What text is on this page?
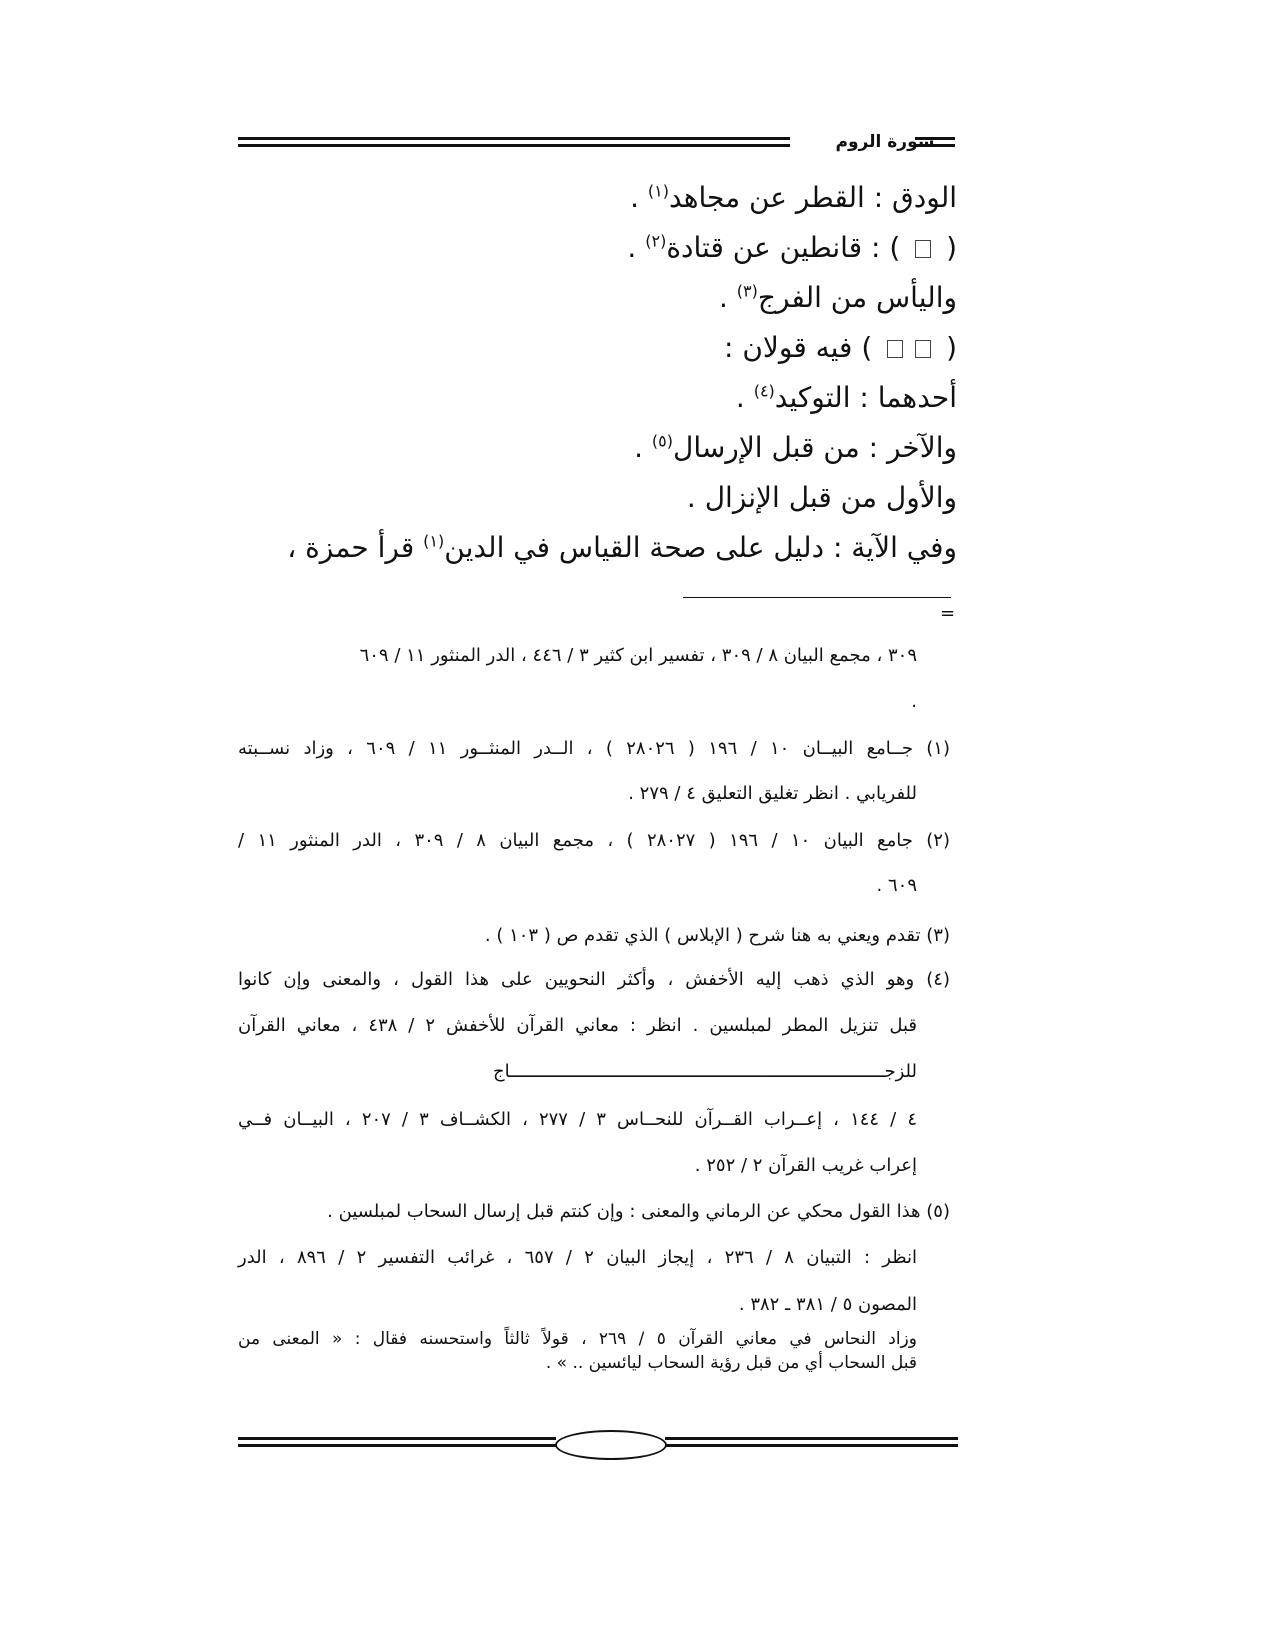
سورة الروم
الودق : القطر عن مجاهد$^{(١)}$ .
(  ) : قانطين عن قتادة$^{(٢)}$ .
واليأس من الفرج$^{(٣)}$ .
(  ) فيه قولان :
أحدهما : التوكيد$^{(٤)}$ .
والآخر : من قبل الإرسال$^{(٥)}$ .
والأول من قبل الإنزال .
وفي الآية : دليل على صحة القياس في الدين$^{(١)}$ قرأ حمزة ،
=
٣٠٩ ، مجمع البيان ٨ / ٣٠٩ ، تفسير ابن كثير ٣ / ٤٤٦ ، الدر المنثور ١١ / ٦٠٩
.
(١) جــامع البيــان ١٠ / ١٩٦ ( ٢٨٠٢٦ ) ، الــدر المنثــور ١١ / ٦٠٩ ، وزاد نســبته
للفريابي . انظر تغليق التعليق ٤ / ٢٧٩ .
(٢) جامع البيان ١٠ / ١٩٦ ( ٢٨٠٢٧ ) ، مجمع البيان ٨ / ٣٠٩ ، الدر المنثور ١١ /
٦٠٩ .
(٣) تقدم ويعني به هنا شرح ( الإبلاس ) الذي تقدم ص ( ١٠٣ ) .
(٤) وهو الذي ذهب إليه الأخفش ، وأكثر النحويين على هذا القول ، والمعنى وإن كانوا
قبل تنزيل المطر لمبلسين . انظر : معاني القرآن للأخفش ٢ / ٤٣٨ ، معاني القرآن
للزجـــــــــــــــــــــــــــــــــــــــــــــــــــــــــــــــــــــــاج
٤ / ١٤٤ ، إعــراب القــرآن للنحــاس ٣ / ٢٧٧ ، الكشــاف ٣ / ٢٠٧ ، البيــان فــي
إعراب غريب القرآن ٢ / ٢٥٢ .
(٥) هذا القول محكي عن الرماني والمعنى : وإن كنتم قبل إرسال السحاب لمبلسين .
انظر : التبيان ٨ / ٢٣٦ ، إيجاز البيان ٢ / ٦٥٧ ، غرائب التفسير ٢ / ٨٩٦ ، الدر
المصون ٥ / ٣٨١ ـ ٣٨٢ .
وزاد النحاس في معاني القرآن ٥ / ٢٦٩ ، قولاً ثالثاً واستحسنه فقال : « المعنى من
قبل السحاب أي من قبل رؤية السحاب ليائسين .. » .
